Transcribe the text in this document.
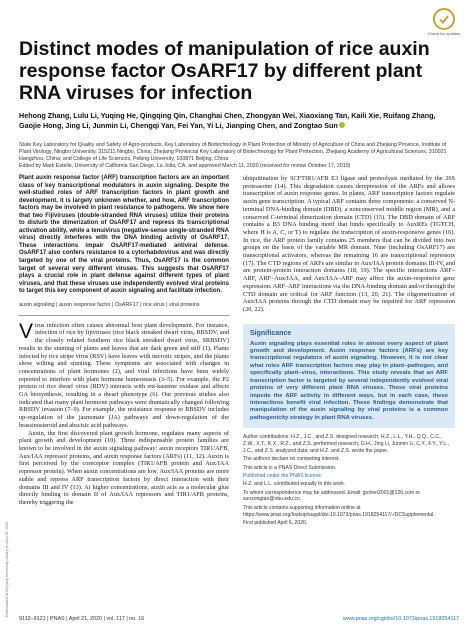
Check for updates
Distinct modes of manipulation of rice auxin response factor OsARF17 by different plant RNA viruses for infection

Hehong Zhang, Lulu Li, Yuqing He, Qingqing Qin, Changhai Chen, Zhongyan Wei, Xiaoxiang Tan, Kaili Xie, Ruifang Zhang, Gaojie Hong, Jing Li, Junmin Li, Chengqi Yan, Fei Yan, Yi Li, Jianping Chen, and Zongtao Sun

State Key Laboratory for Quality and Safety of Agro-products, Key Laboratory of Biotechnology in Plant Protection of Ministry of Agriculture of China and Zhejiang Province, Institute of Plant Virology, Ningbo University, 315211 Ningbo, China; Zhejiang Provincial Key Laboratory of Biotechnology for Plant Protection, Zhejiang Academy of Agricultural Sciences, 310021 Hangzhou, China; and College of Life Sciences, Peking University, 100871 Beijing, China

Edited by Mark Estelle, University of California San Diego, La Jolla, CA, and approved March 11, 2020 (received for review October 17, 2019)

Plant auxin response factor (ARF) transcription factors are an important class of key transcriptional modulators in auxin signaling. Despite the well-studied roles of ARF transcription factors in plant growth and development, it is largely unknown whether, and how, ARF transcription factors may be involved in plant resistance to pathogens. We show here that two Fijiviruses (double-stranded RNA viruses) utilize their proteins to disturb the dimerization of OsARF17 and repress its transcriptional activation ability, while a tenuivirus (negative-sense single-stranded RNA virus) directly interferes with the DNA binding activity of OsARF17. These interactions impair OsARF17-mediated antiviral defense. OsARF17 also confers resistance to a cytorhabdovirus and was directly targeted by one of the viral proteins. Thus, OsARF17 is the common target of several very different viruses. This suggests that OsARF17 plays a crucial role in plant defense against different types of plant viruses, and that these viruses use independently evolved viral proteins to target this key component of auxin signaling and facilitate infection.

auxin signaling | auxin response factor | OsARF17 | rice virus | viral proteins

Virus infection often causes abnormal host plant development. For instance, infection of rice by fijiviruses (rice black streaked dwarf virus, RBSDV, and the closely related Southern rice black streaked dwarf virus, SRBSDV) results in the stunting of plants and leaves that are dark green and stiff (1). Plants infected by rice stripe virus (RSV) have leaves with necrotic stripes, and the plants show wilting and stunting. These symptoms are associated with changes in concentrations of plant hormones (2), and viral infections have been widely reported to interfere with plant hormone homeostasis (3–5). For example, the P2 protein of rice dwarf virus (RDV) interacts with ent-kaurene oxidase and affects GA biosynthesis, resulting in a dwarf phenotype (6). Our previous studies also indicated that many plant hormone pathways were dramatically changed following RBSDV invasion (7–9). For example, the resistance response to RBSDV includes up-regulation of the jasmonate (JA) pathways and down-regulation of the brassinosteroid and abscisic acid pathways.

Auxin, the first discovered plant growth hormone, regulates many aspects of plant growth and development (10). Three indispensable protein families are known to be involved in the auxin signaling pathway: auxin receptors TIR1/AFB, Aux/IAA repressor proteins, and auxin response factors (ARFs) (11, 12). Auxin is first perceived by the coreceptor complex (TIR1/AFB protein and Aux/IAA repressor protein). When auxin concentrations are low, Aux/IAA proteins are more stable and repress ARF transcription factors by direct interaction with their domains III and IV (13). At higher concentrations, auxin acts as a molecular glue directly binding to domain II of Aux/IAA repressors and TIR1/AFB proteins, thereby triggering the

ubiquitination by SCFTIR1/AFB E3 ligase and proteolysis mediated by the 26S proteasome (14). This degradation causes derepression of the ARFs and allows transcription of auxin response genes. In plants, ARF transcription factors regulate auxin gene transcription. A typical ARF contains three components: a conserved N-terminal DNA-binding domain (DBD), a nonconserved middle region (MR), and a conserved C-terminal dimerization domain (CTD) (15). The DBD domain of ARF contains a B3 DNA binding motif that binds specifically to AuxREs (TGTCH, where H is A, C, or T) to regulate the transcription of auxin-responsive genes (16). In rice, the ARF protein family contains 25 members that can be divided into two groups on the basis of the variable MR domain. Nine (including OsARF17) are transcriptional activators, whereas the remaining 16 are transcriptional repressors (17). The CTD regions of ARFs are similar to Aux/IAA protein domains III-IV, and are protein-protein interaction domains (18, 19). The specific interactions ARF–ARF, ARF–Aux/IAA, and Aux/IAA–ARF may affect the auxin-responsive gene expression. ARF–ARF interactions via the DNA-binding domain and/or through the CTD domain are critical for ARF function (13, 20, 21). The oligomerization of Aux/IAA proteins through the CTD domain may be required for ARF repression (20, 22).

Significance

Auxin signaling plays essential roles in almost every aspect of plant growth and development. Auxin response factors (ARFs) are key transcriptional regulators of auxin signaling. However, it is not clear what roles ARF transcription factors may play in plant–pathogen, and specifically plant–virus, interactions. This study reveals that an ARF transcription factor is targeted by several independently evolved viral proteins of very different plant RNA viruses. These viral proteins impede the ARF activity in different ways, but in each case, these interactions benefit viral infection. These findings demonstrate that manipulation of the auxin signaling by viral proteins is a common pathogenicity strategy in plant RNA viruses.

Author contributions: H.Z., J.C., and Z.S. designed research; H.Z., L.L., Y.H., Q.Q., C.C., Z.W., X.T., K.X., R.Z., and Z.S. performed research; G.H., Jing Li, Junmin Li, C.Y., F.Y., Y.L., J.C., and Z.S. analyzed data; and H.Z. and Z.S. wrote the paper.

The authors declare no competing interest.

This article is a PNAS Direct Submission.

Published under the PNAS license.

H.Z. and L.L. contributed equally to this work.

To whom correspondence may be addressed. Email: jpchen2001@126.com or sunzongtao@nbu.edu.cn.

This article contains supporting information online at https://www.pnas.org/lookup/suppl/doi:10.1073/pnas.1918254117/-/DCSupplemental.

First published April 6, 2020.

9112–9121 | PNAS | April 21, 2020 | vol. 117 | no. 16	www.pnas.org/cgi/doi/10.1073/pnas.1918254117
Downloaded at Zhejiang University Library on April 25, 2020
